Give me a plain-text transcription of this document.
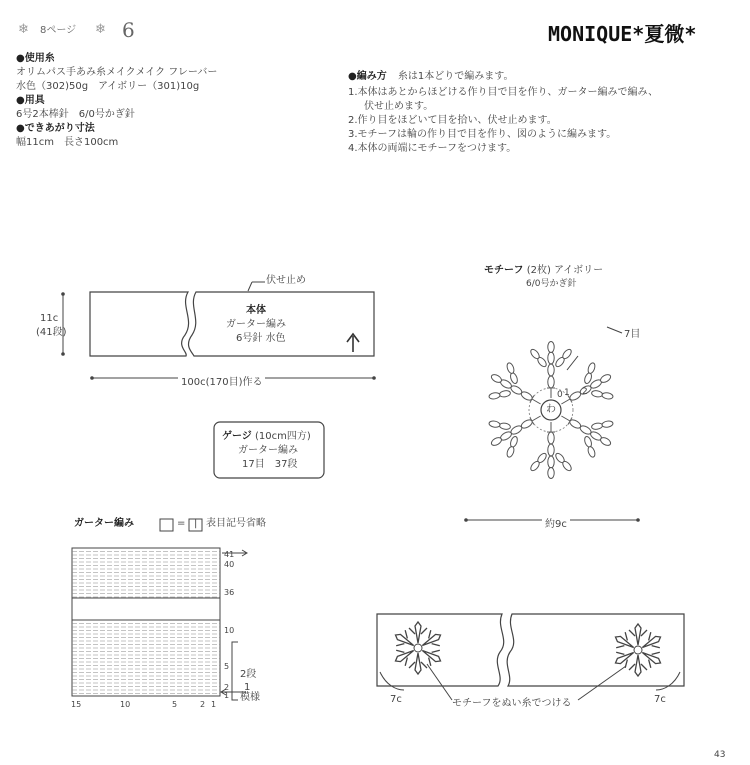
❄ 8ページ ❄ 6	MONIQUE*夏微*
●使用糸
オリムパス手あみ糸メイクメイク フレーバー
水色（302)50g　アイボリー（301)10g
●用具
6号2本棒針　6/0号かぎ針
●できあがり寸法
幅11cm　長さ100cm
●編み方 糸は1本どりで編みます。
1.本体はあとからほどける作り目で目を作り、ガーター編みで編み、
伏せ止めます。
2.作り目をほどいて目を拾い、伏せ止めます。
3.モチーフは輪の作り目で目を作り、図のように編みます。
4.本体の両端にモチーフをつけます。
伏せ止め
11c
(41段)
本体
ガーター編み
6号針 水色
100c(170目)作る
ゲージ (10cm四方)
ガーター編み
17目　37段
モチーフ (2枚) アイボリー
6/0号かぎ針
7目
わ
0 1 2
約9c
ガーター編み	= | 表目記号省略
41
40
36
10
5
2
1
15	10	5	2 1
2段
1
模様	7c	7c
モチーフをぬい糸でつける
43
